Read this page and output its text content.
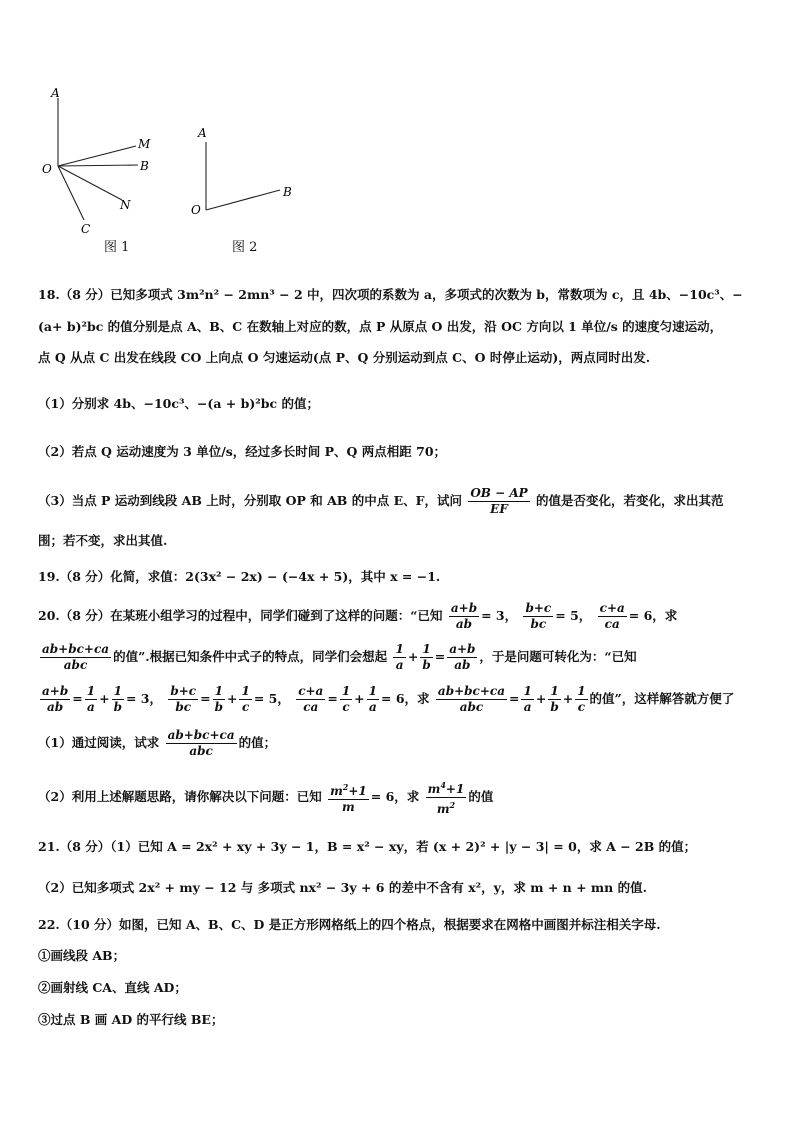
A
M
B
O
N
C
图 1
A
B
O
图 2
18.（8 分）已知多项式 3m²n² − 2mn³ − 2 中，四次项的系数为 a，多项式的次数为 b，常数项为 c，且 4b、−10c³、−
(a+ b)²bc 的值分别是点 A、B、C 在数轴上对应的数，点 P 从原点 O 出发，沿 OC 方向以 1 单位/s 的速度匀速运动，
点 Q 从点 C 出发在线段 CO 上向点 O 匀速运动(点 P、Q 分别运动到点 C、O 时停止运动)，两点同时出发.
（1）分别求 4b、−10c³、−(a + b)²bc 的值；
（2）若点 Q 运动速度为 3 单位/s，经过多长时间 P、Q 两点相距 70；
（3）当点 P 运动到线段 AB 上时，分别取 OP 和 AB 的中点 E、F，试问 $\frac{OB - AP}{EF}$ 的值是否变化，若变化，求出其范
围；若不变，求出其值.
19.（8 分）化简，求值：2(3x² − 2x) − (−4x + 5)，其中 x = −1.
20.（8 分）在某班小组学习的过程中，同学们碰到了这样的问题：“已知 $\frac{a+b}{ab} = 3$， $\frac{b+c}{bc} = 5$， $\frac{c+a}{ca} = 6$，求
$\frac{ab+bc+ca}{\text{abc}}$ 的值”.根据已知条件中式子的特点，同学们会想起 $\frac{1}{a} + \frac{1}{b} = \frac{a+b}{ab}$ ，于是问题可转化为：“已知
$\frac{a+b}{ab} = \frac{1}{a} + \frac{1}{b} = 3$， $\frac{b+c}{bc} = \frac{1}{b} + \frac{1}{c} = 5$， $\frac{c+a}{ca} = \frac{1}{c} + \frac{1}{a} = 6$，求 $\frac{ab+bc+ca}{\text{abc}} = \frac{1}{a} + \frac{1}{b} + \frac{1}{c}$ 的值”，这样解答就方便了
（1）通过阅读，试求 $\frac{ab+bc+ca}{\text{abc}}$ 的值；
（2）利用上述解题思路，请你解决以下问题：已知 $\frac{m^2+1}{m} = 6$，求 $\frac{m^4+1}{m^2}$ 的值
21.（8 分）（1）已知 A = 2x² + xy + 3y − 1，B = x² − xy，若 (x + 2)² + |y − 3| = 0，求 A − 2B 的值；
（2）已知多项式 2x² + my − 12 与 多项式 nx² − 3y + 6 的差中不含有 x²，y，求 m + n + mn 的值.
22.（10 分）如图，已知 A、B、C、D 是正方形网格纸上的四个格点，根据要求在网格中画图并标注相关字母.
①画线段 AB；
②画射线 CA、直线 AD；
③过点 B 画 AD 的平行线 BE；
